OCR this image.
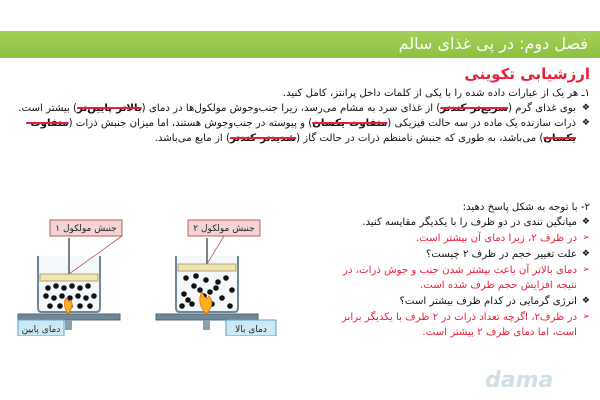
فصل دوم: در پی غذای سالم
ارزشیابی تکوینی
۱ـ هر یک از عبارات داده شده را با یکی از کلمات داخل پرانتز، کامل کنید.
❖
بوی غذای گرم (سریع‌تر-کندتر) از غذای سرد به مشام می‌رسد، زیرا جنب‌وجوش مولکول‌ها در دمای (بالاتر-پایین‌تر) بیشتر است.
❖
ذرات سازنده یک ماده در سه حالت فیزیکی (متفاوت-یکسان) و پیوسته در جنب‌وجوش هستند، اما میزان جنبش ذرات (متفاوت-یکسان) می‌باشد، به طوری که جنبش نامنظم ذرات در حالت گاز (شدیدتر-کندتر) از مایع می‌باشد.
۲- با توجه به شکل پاسخ دهید:
❖
میانگین تندی در دو ظرف را با یکدیگر مقایسه کنید.
➢
در ظرف ۲، زیرا دمای آن بیشتر است.
❖
علت تغییر حجم در ظرف ۲ چیست؟
➢
دمای بالاتر آن باعث بیشتر شدن جنب و جوش ذرات، در نتیجه افزایش حجم ظرف شده است.
❖
انرژی گرمایی در کدام ظرف بیشتر است؟
➢
در ظرف۲، اگرچه تعداد ذرات در ۲ ظرف با یکدیگر برابر است، اما دمای ظرف ۲ بیشتر است.
جنبش مولکول ۱	جنبش مولکول ۲
دمای پایین	دمای بالا
dama
